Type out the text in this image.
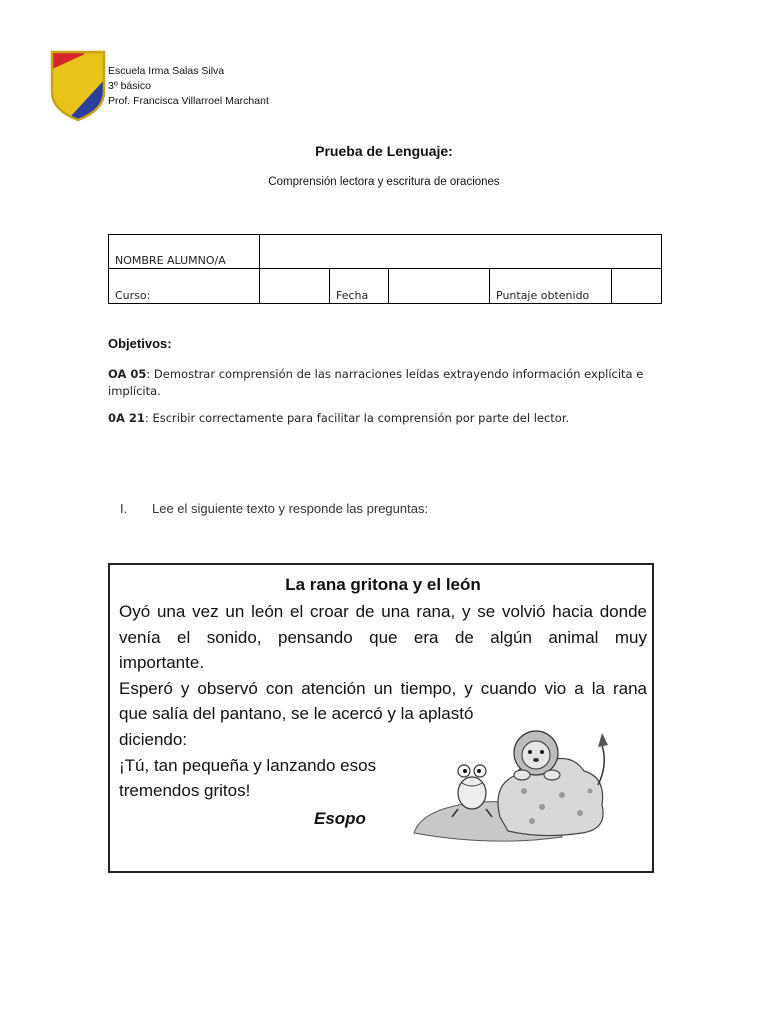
Escuela Irma Salas Silva
3º básico
Prof. Francisca Villarroel Marchant
Prueba de Lenguaje:
Comprensión lectora y escritura de oraciones
NOMBRE ALUMNO/A					
Curso:		Fecha		Puntaje obtenido	
Objetivos:
OA 05: Demostrar comprensión de las narraciones leídas extrayendo información explícita e implícita.
0A 21: Escribir correctamente para facilitar la comprensión por parte del lector.
I. Lee el siguiente texto y responde las preguntas:
La rana gritona y el león
Oyó una vez un león el croar de una rana, y se volvió hacia donde
venía el sonido, pensando que era de algún animal muy
importante.
Esperó y observó con atención un tiempo, y cuando vio a la rana
que salía del pantano, se le acercó y la aplastó
diciendo:
¡Tú, tan pequeña y lanzando esos
tremendos gritos!
Esopo
